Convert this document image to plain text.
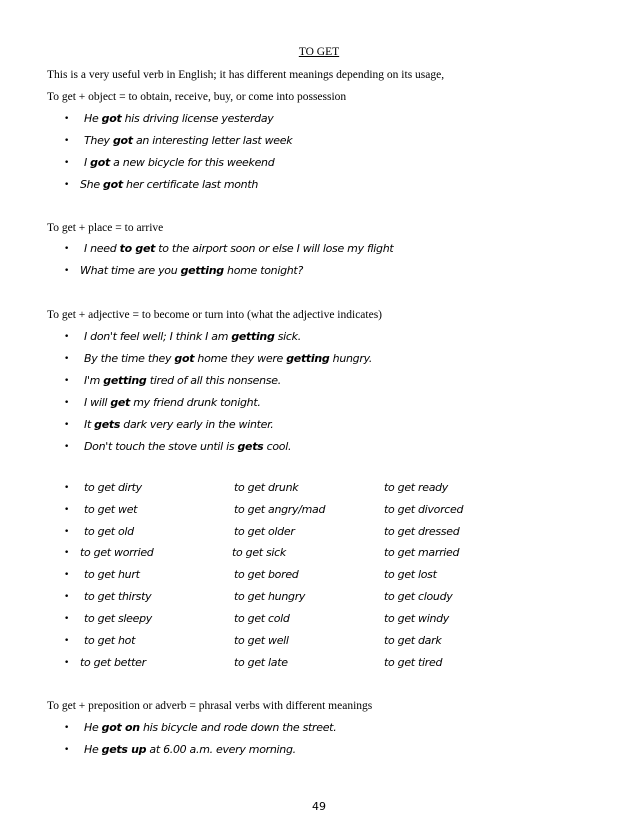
TO GET
This is a very useful verb in English; it has different meanings depending on its usage,
To get + object = to obtain, receive, buy, or come into possession
• He got his driving license yesterday
• They got an interesting letter last week
• I got a new bicycle for this weekend
• She got her certificate last month
To get + place = to arrive
• I need to get to the airport soon or else I will lose my flight
• What time are you getting home tonight?
To get + adjective = to become or turn into (what the adjective indicates)
• I don't feel well; I think I am getting sick.
• By the time they got home they were getting hungry.
• I'm getting tired of all this nonsense.
• I will get my friend drunk tonight.
• It gets dark very early in the winter.
• Don't touch the stove until is gets cool.
• to get dirty	to get drunk	to get ready
• to get wet	to get angry/mad	to get divorced
• to get old	to get older	to get dressed
• to get worried	to get sick	to get married
• to get hurt	to get bored	to get lost
• to get thirsty	to get hungry	to get cloudy
• to get sleepy	to get cold	to get windy
• to get hot	to get well	to get dark
• to get better	to get late	to get tired
To get + preposition or adverb = phrasal verbs with different meanings
• He got on his bicycle and rode down the street.
• He gets up at 6.00 a.m. every morning.
49
